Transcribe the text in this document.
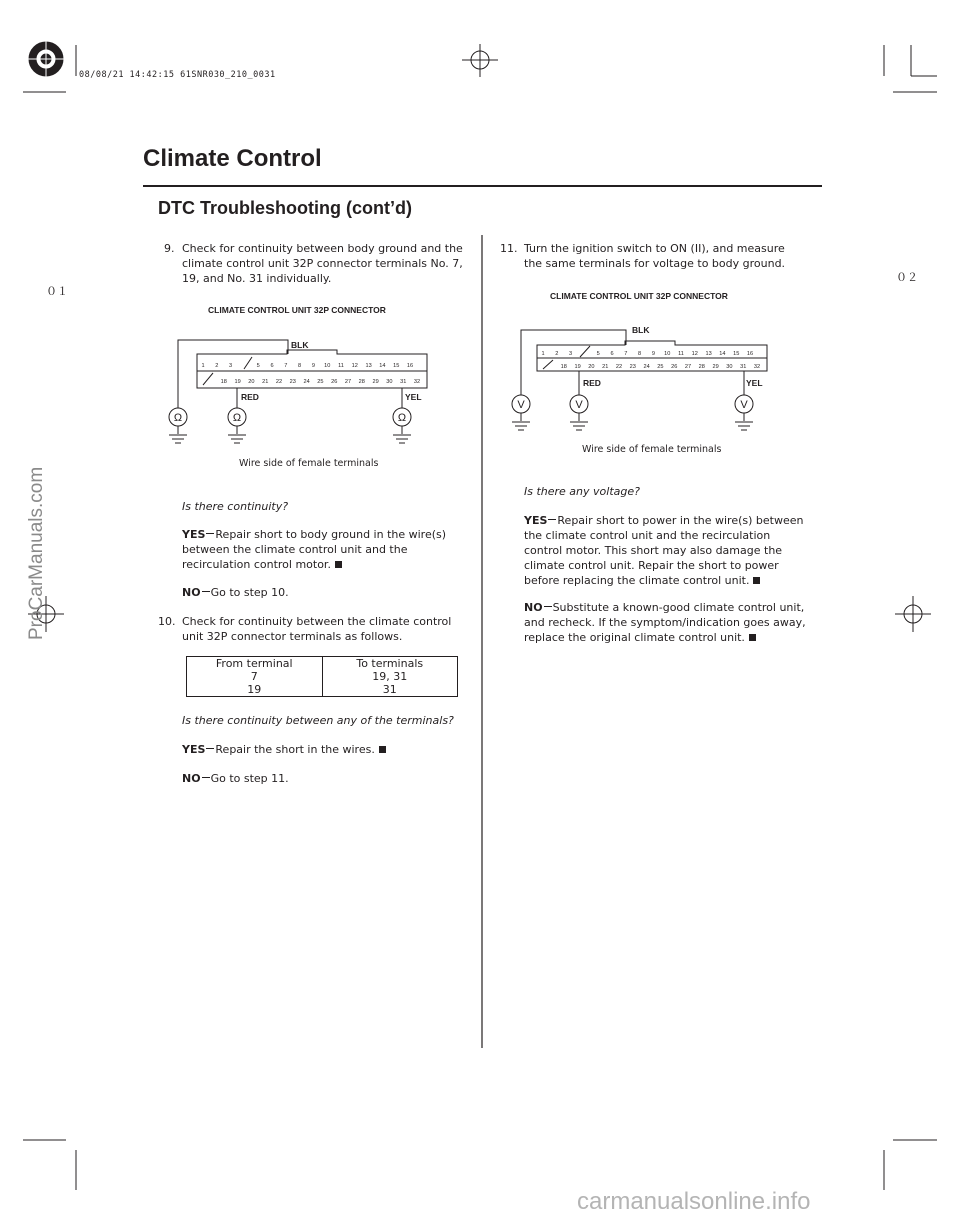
08/08/21 14:42:15 61SNR030_210_0031
Climate Control
DTC Troubleshooting (cont’d)
０１
０２
ProCarManuals.com
9. Check for continuity between body ground and the climate control unit 32P connector terminals No. 7, 19, and No. 31 individually.
CLIMATE CONTROL UNIT 32P CONNECTOR
Ω	Ω	Ω
BLK
RED	YEL
1 2 3	5 6 7 8 9 10 11 12 13 14 15 16
18 19 20 21 22 23 24 25 26 27 28 29 30 31 32
Wire side of female terminals
Is there continuity?
YES Repair short to body ground in the wire(s) between the climate control unit and the recirculation control motor.
NO Go to step 10.
10. Check for continuity between the climate control unit 32P connector terminals as follows.
From terminal	To terminals
7	19, 31
19	31
Is there continuity between any of the terminals?
YES Repair the short in the wires.
NO Go to step 11.
11. Turn the ignition switch to ON (II), and measure the same terminals for voltage to body ground.
CLIMATE CONTROL UNIT 32P CONNECTOR
V	V	V
BLK
RED	YEL
1 2 3	5 6 7 8 9 10 11 12 13 14 15 16
18 19 20 21 22 23 24 25 26 27 28 29 30 31 32
Wire side of female terminals
Is there any voltage?
YES Repair short to power in the wire(s) between the climate control unit and the recirculation control motor. This short may also damage the climate control unit. Repair the short to power before replacing the climate control unit.
NO Substitute a known-good climate control unit, and recheck. If the symptom/indication goes away, replace the original climate control unit.
carmanualsonline.info
